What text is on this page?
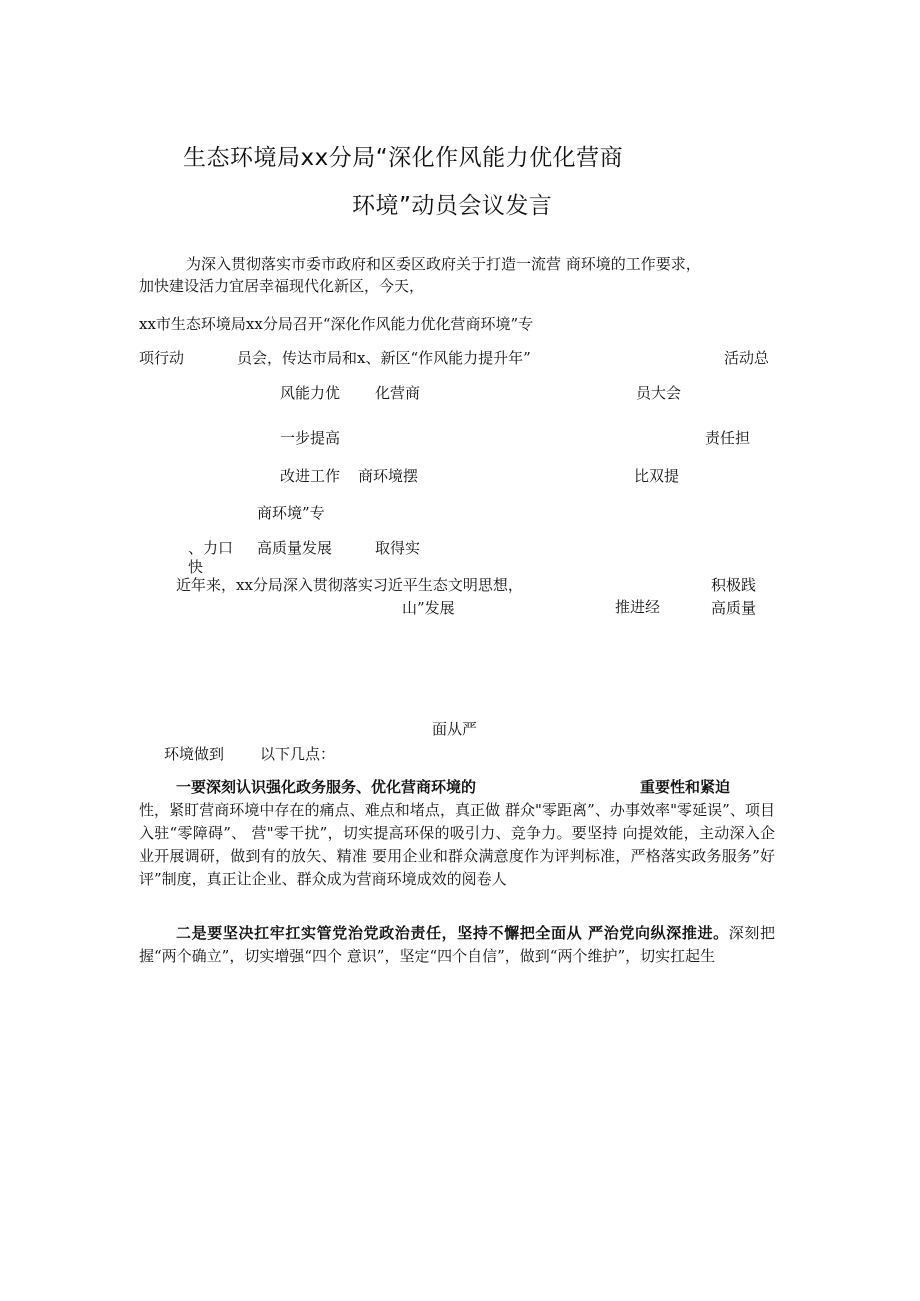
生态环境局xx分局“深化作风能力优化营商
环境”动员会议发言
为深入贯彻落实市委市政府和区委区政府关于打造一流营 商环境的工作要求，
加快建设活力宜居幸福现代化新区，今天，
xx市生态环境局xx分局召开“深化作风能力优化营商环境”专
项行动	员会，传达市局和x、新区“作风能力提升年”	活动总
风能力优 化营商	员大会
一步提高	责任担
改进工作 商环境摆	比双提
商环境”专
、力口 高质量发展	取得实
快
近年来，xx分局深入贯彻落实习近平生态文明思想，	积极践
山”发展	推进经	高质量
面从严
环境做到 以下几点：
一要深刻认识强化政务服务、优化营商环境的	重要性和紧迫
性，紧盯营商环境中存在的痛点、难点和堵点，真正做 群众"零距离”、办事效率"零延误”、项目入驻“零障碍”、 营"零干扰”，切实提高环保的吸引力、竞争力。要坚持 向提效能，主动深入企业开展调研，做到有的放矢、精准 要用企业和群众满意度作为评判标准，严格落实政务服务”好 评”制度，真正让企业、群众成为营商环境成效的阅卷人
二是要坚决扛牢扛实管党治党政治责任，坚持不懈把全面从 严治党向纵深推进。深刻把握“两个确立”，切实增强“四个 意识”，坚定“四个自信”，做到“两个维护”，切实扛起生
